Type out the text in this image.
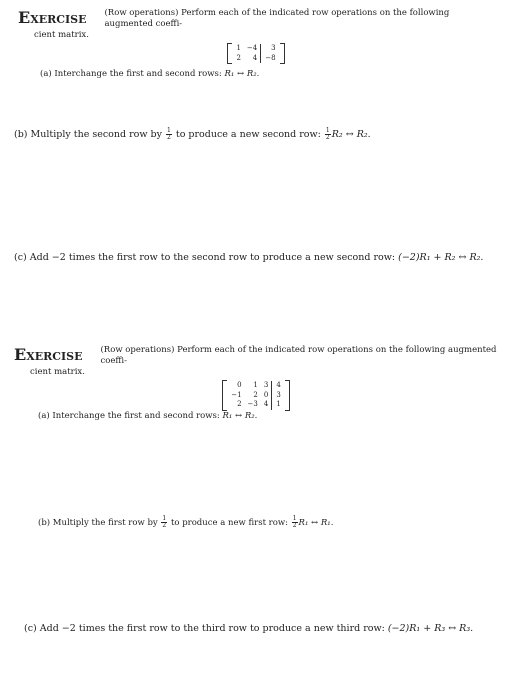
Exercise (Row operations) Perform each of the indicated row operations on the following augmented coeffi-
cient matrix.
1	−4	3
2	4	−8
(a) Interchange the first and second rows: R₁ ↔ R₂.
(b) Multiply the second row by $\frac{1}{2}$ to produce a new second row: $\frac{1}{2} R_2$ ↔ R₂.
(c) Add −2 times the first row to the second row to produce a new second row: (−2)R₁ + R₂ ↔ R₂.
Exercise (Row operations) Perform each of the indicated row operations on the following augmented coeffi-
cient matrix.
0	1	3	4
−1	2	0	3
2	−3	4	1
(a) Interchange the first and second rows: R₁ ↔ R₂.
(b) Multiply the first row by $\frac{1}{2}$ to produce a new first row: $\frac{1}{2} R_1$ ↔ R₁.
(c) Add −2 times the first row to the third row to produce a new third row: (−2)R₁ + R₃ ↔ R₃.
